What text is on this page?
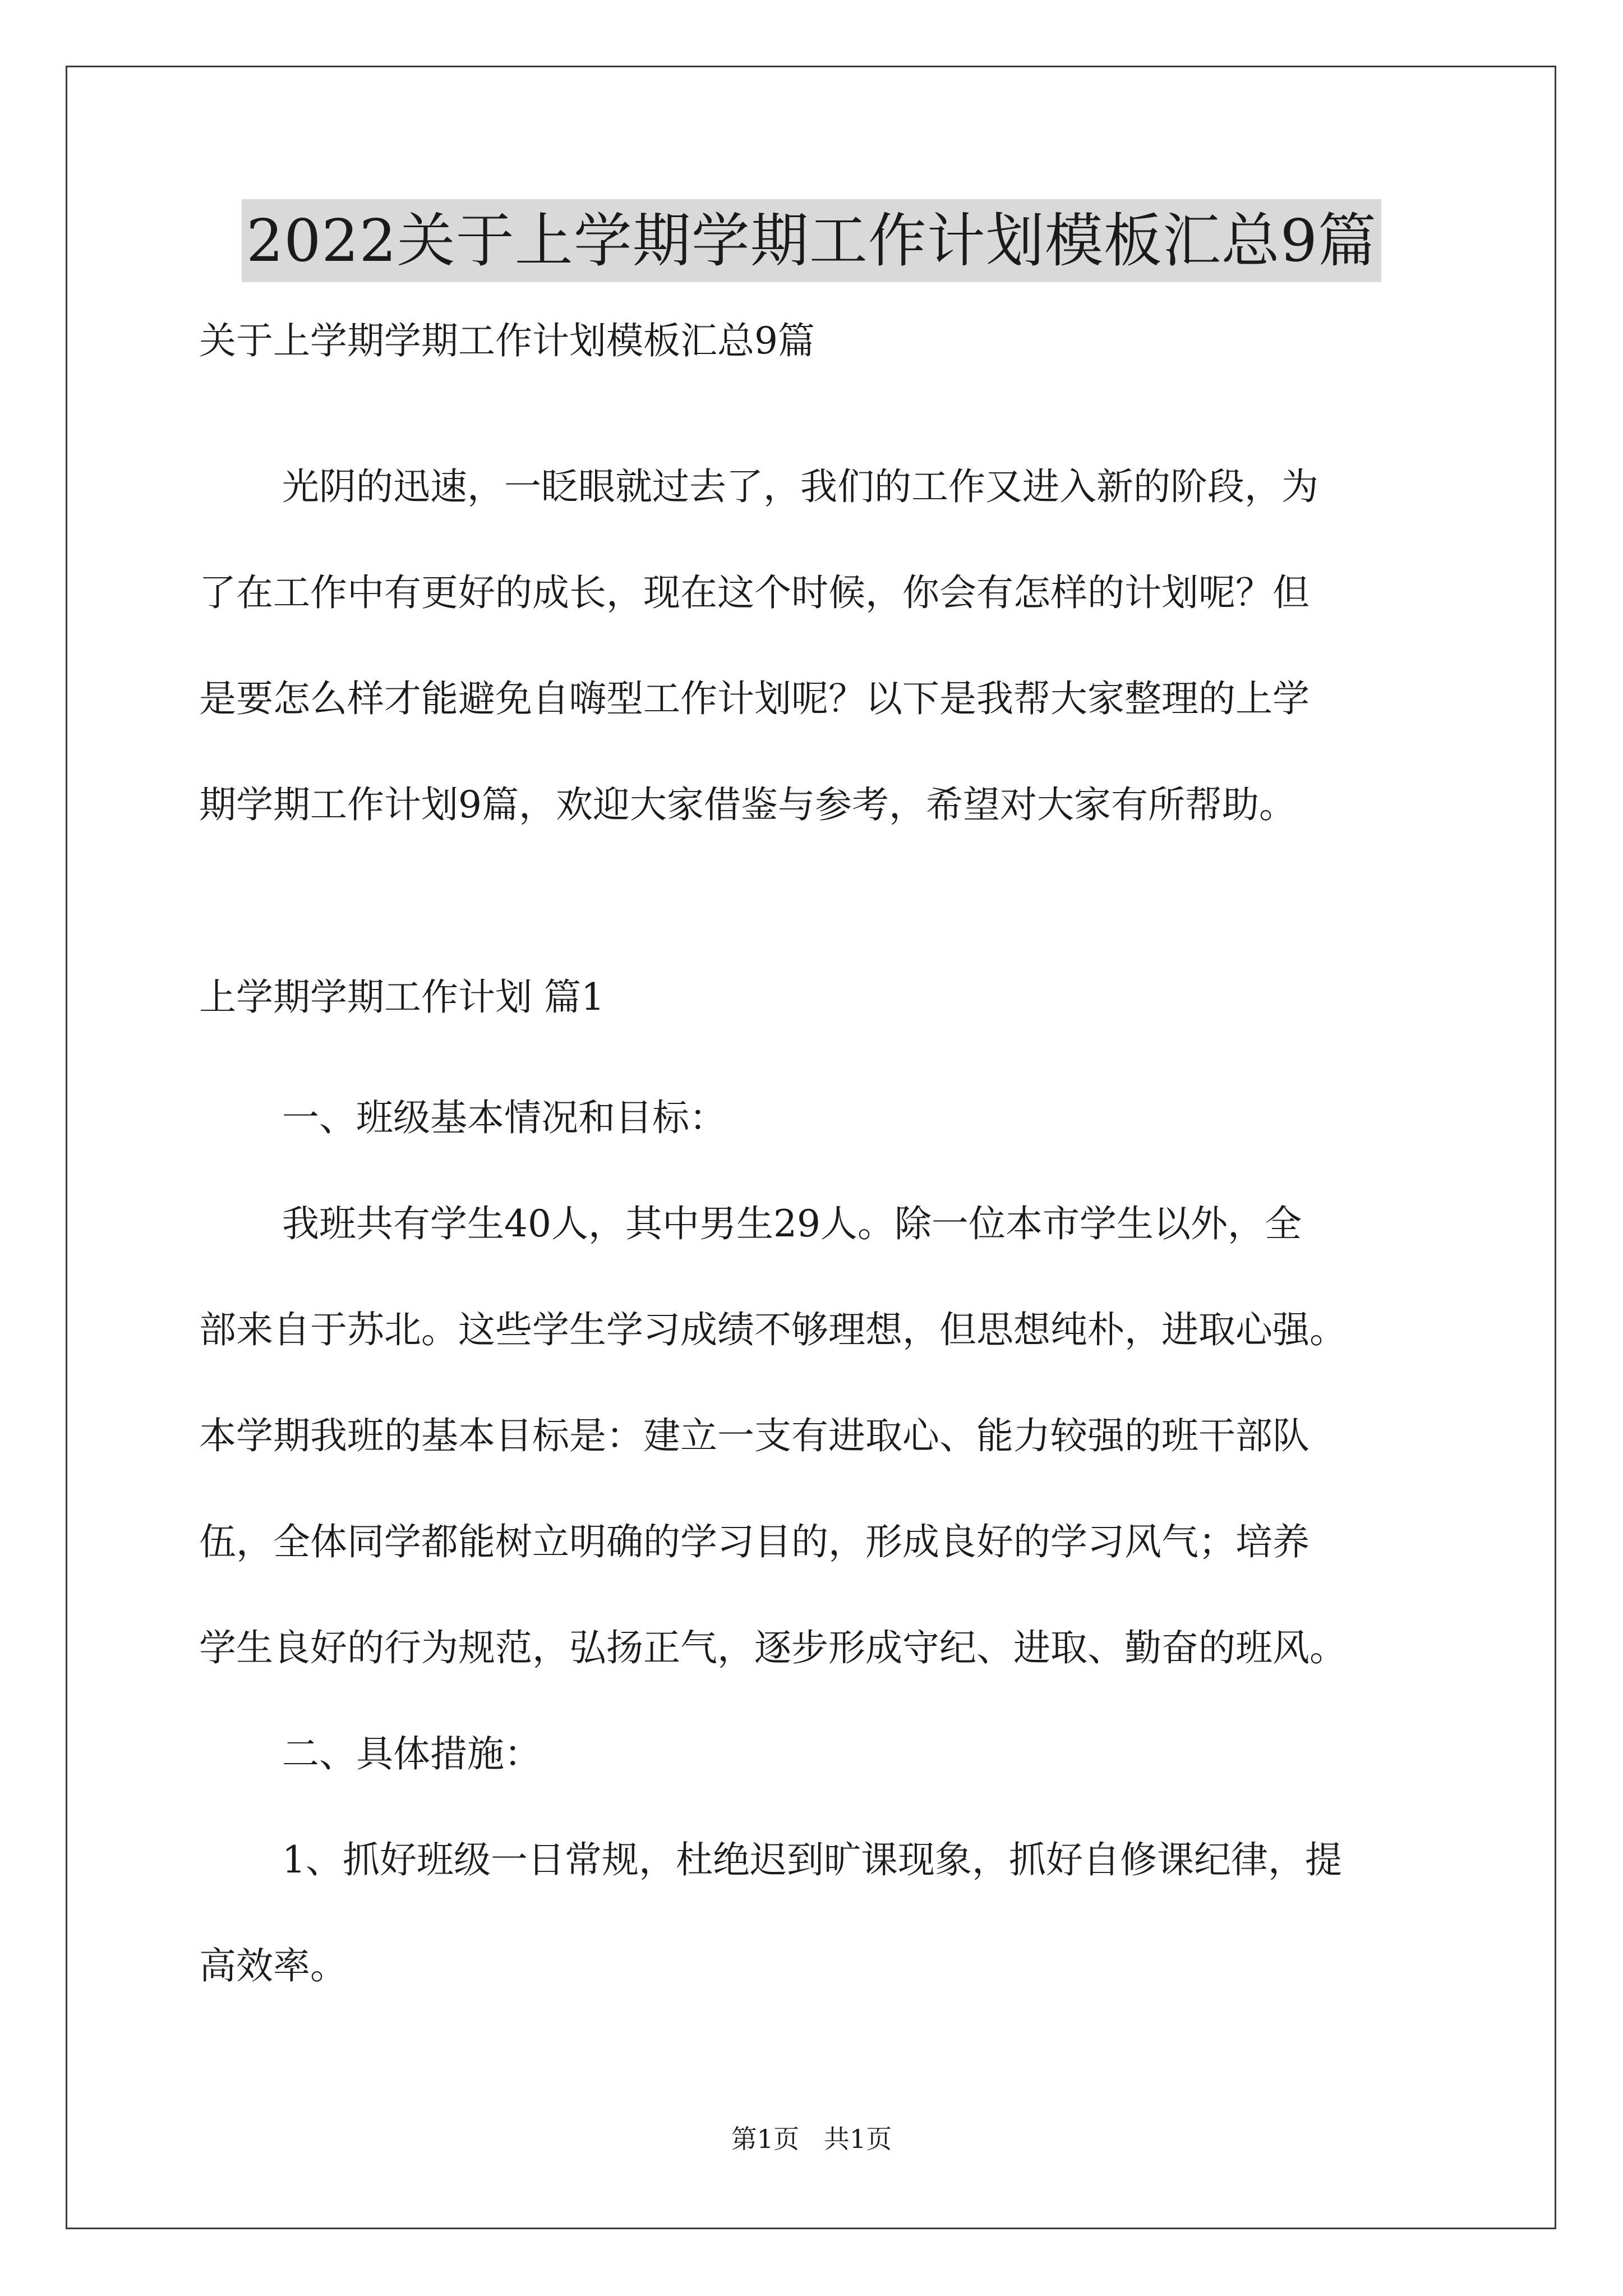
2022关于上学期学期工作计划模板汇总9篇

关于上学期学期工作计划模板汇总9篇

光阴的迅速，一眨眼就过去了，我们的工作又进入新的阶段，为
了在工作中有更好的成长，现在这个时候，你会有怎样的计划呢？但
是要怎么样才能避免自嗨型工作计划呢？以下是我帮大家整理的上学
期学期工作计划9篇，欢迎大家借鉴与参考，希望对大家有所帮助。

上学期学期工作计划 篇1

一、班级基本情况和目标：
我班共有学生40人，其中男生29人。除一位本市学生以外，全
部来自于苏北。这些学生学习成绩不够理想，但思想纯朴，进取心强。
本学期我班的基本目标是：建立一支有进取心、能力较强的班干部队
伍，全体同学都能树立明确的学习目的，形成良好的学习风气；培养
学生良好的行为规范，弘扬正气，逐步形成守纪、进取、勤奋的班风。
二、具体措施：
1、抓好班级一日常规，杜绝迟到旷课现象，抓好自修课纪律，提
高效率。
第1页   共1页
